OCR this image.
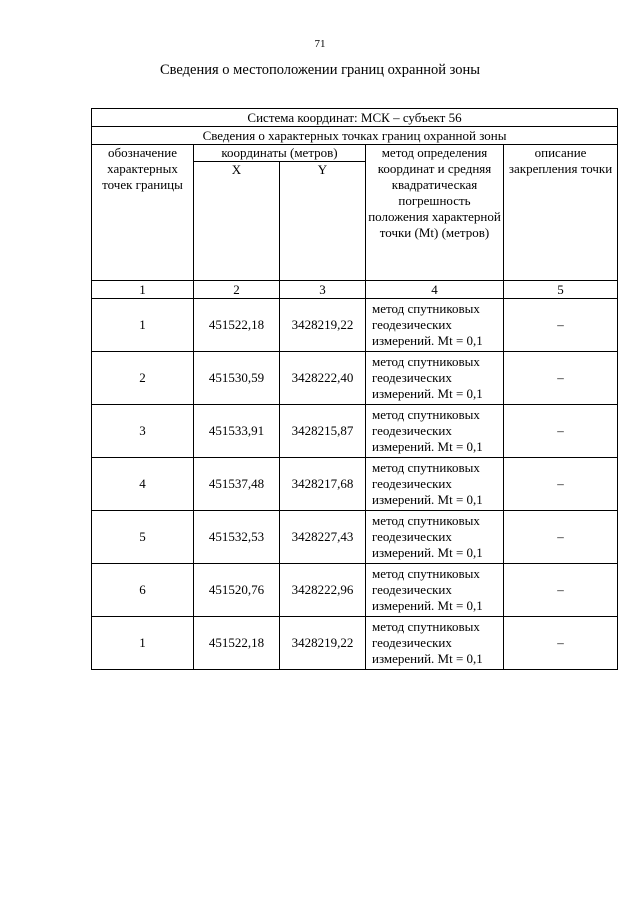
71
Сведения о местоположении границ охранной зоны
Система координат: МСК – субъект 56				
Сведения о характерных точках границ охранной зоны				
обозначение характерных точек границы	координаты (метров)		метод определения координат и средняя квадратическая погрешность положения характерной точки (Mt) (метров)	описание закрепления точки
	X	Y		
1	2	3	4	5
1	451522,18	3428219,22	метод спутниковых
геодезических
измерений. Mt = 0,1	–
2	451530,59	3428222,40	метод спутниковых
геодезических
измерений. Mt = 0,1	–
3	451533,91	3428215,87	метод спутниковых
геодезических
измерений. Mt = 0,1	–
4	451537,48	3428217,68	метод спутниковых
геодезических
измерений. Mt = 0,1	–
5	451532,53	3428227,43	метод спутниковых
геодезических
измерений. Mt = 0,1	–
6	451520,76	3428222,96	метод спутниковых
геодезических
измерений. Mt = 0,1	–
1	451522,18	3428219,22	метод спутниковых
геодезических
измерений. Mt = 0,1	–
